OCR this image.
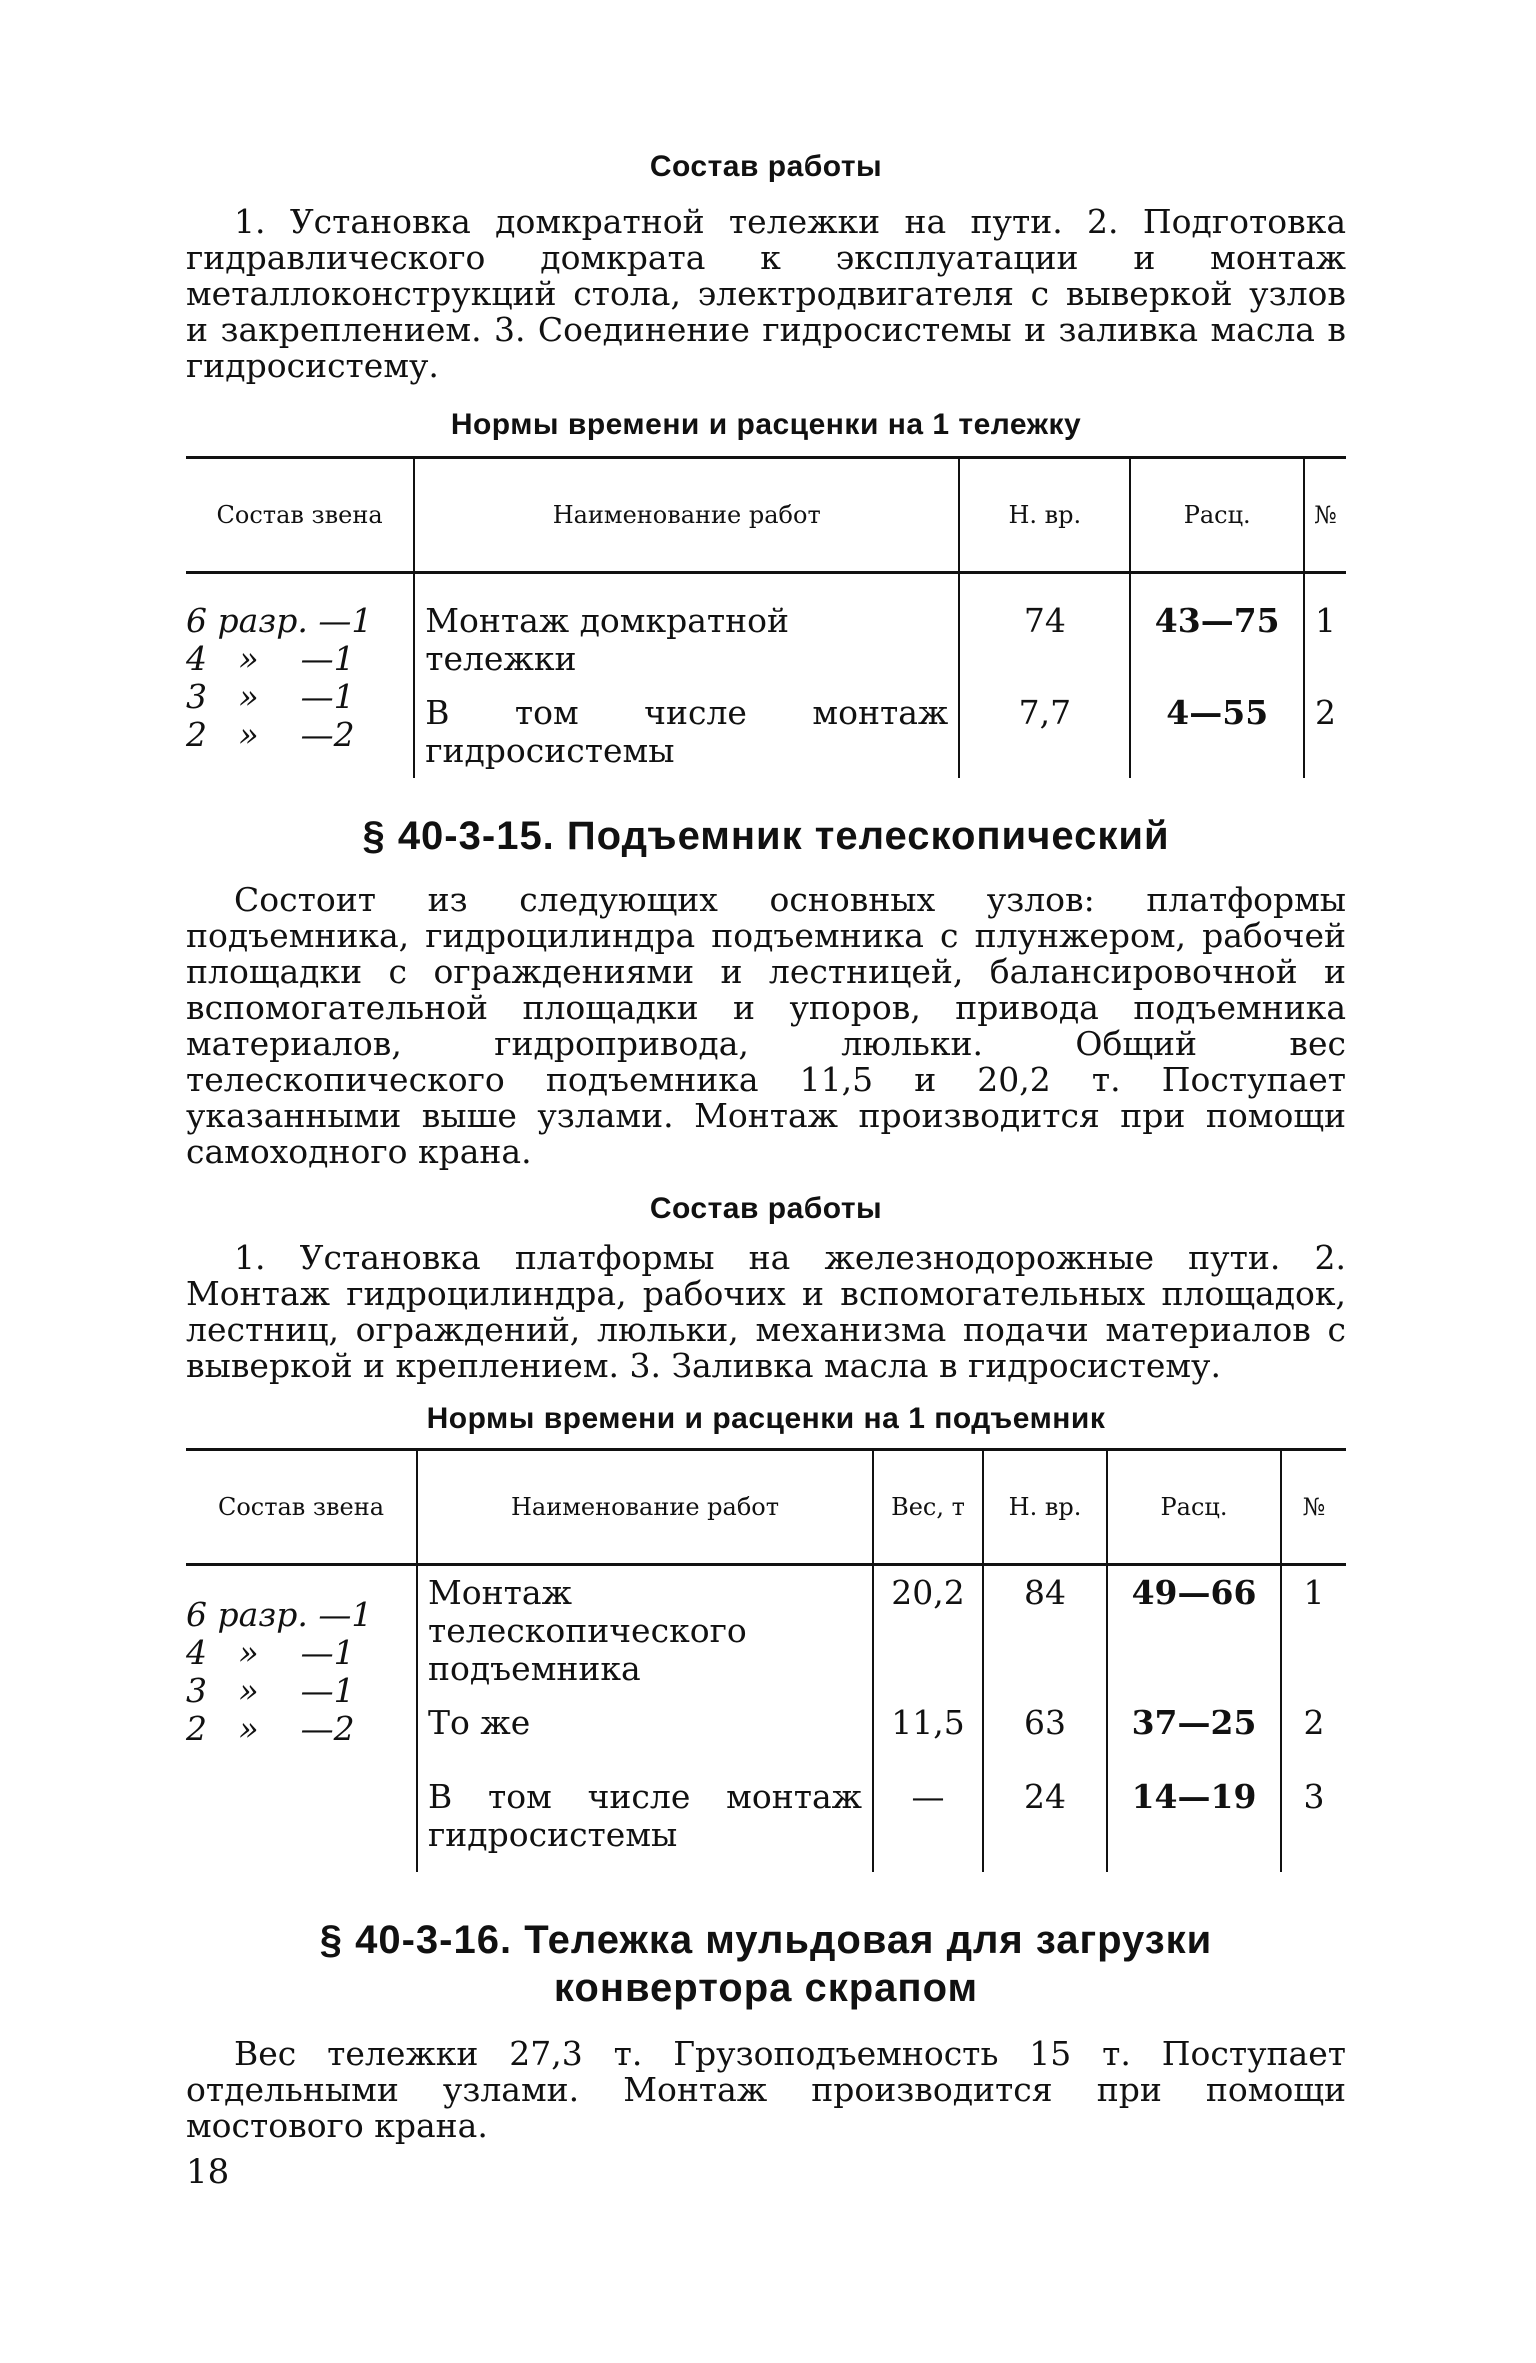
Состав работы

1. Установка домкратной тележки на пути. 2. Подготовка гидравлического домкрата к эксплуатации и монтаж металлоконструкций стола, электродвигателя с выверкой узлов и закреплением. 3. Соединение гидросистемы и заливка масла в гидросистему.

Нормы времени и расценки на 1 тележку
Состав звена	Наименование работ	Н. вр.	Расц.	№

6 разр. —1
4   »    —1
3   »    —1
2   »    —2	Монтаж домкратной тележки	74	43—75	1
	В том числе монтаж гидросистемы	7,7	4—55	2
§ 40-3-15. Подъемник телескопический

Состоит из следующих основных узлов: платформы подъемника, гидроцилиндра подъемника с плунжером, рабочей площадки с ограждениями и лестницей, балансировочной и вспомогательной площадки и упоров, привода подъемника материалов, гидропривода, люльки. Общий вес телескопического подъемника 11,5 и 20,2 т. Поступает указанными выше узлами. Монтаж производится при помощи самоходного крана.

Состав работы

1. Установка платформы на железнодорожные пути. 2. Монтаж гидроцилиндра, рабочих и вспомогательных площадок, лестниц, ограждений, люльки, механизма подачи материалов с выверкой и креплением. 3. Заливка масла в гидросистему.

Нормы времени и расценки на 1 подъемник
Состав звена	Наименование работ	Вес, т	Н. вр.	Расц.	№

6 разр. —1
4   »    —1
3   »    —1
2   »    —2	Монтаж телескопического подъемника	20,2	84	49—66	1
	То же	11,5	63	37—25	2
	В том числе монтаж гидросистемы	—	24	14—19	3
§ 40-3-16. Тележка мульдовая для загрузки конвертора скрапом

Вес тележки 27,3 т. Грузоподъемность 15 т. Поступает отдельными узлами. Монтаж производится при помощи мостового крана.

18
